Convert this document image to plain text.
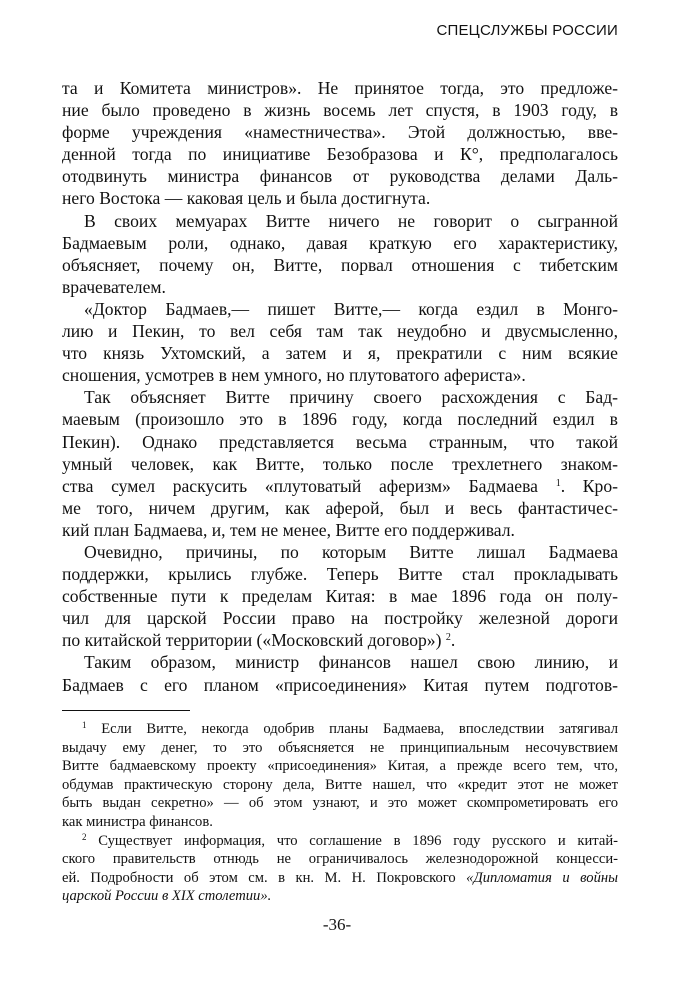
СПЕЦСЛУЖБЫ РОССИИ
та и Комитета министров». Не принятое тогда, это предложе-
ние было проведено в жизнь восемь лет спустя, в 1903 году, в
форме учреждения «наместничества». Этой должностью, вве-
денной тогда по инициативе Безобразова и К°, предполагалось
отодвинуть министра финансов от руководства делами Даль-
него Востока — каковая цель и была достигнута.
В своих мемуарах Витте ничего не говорит о сыгранной
Бадмаевым роли, однако, давая краткую его характеристику,
объясняет, почему он, Витте, порвал отношения с тибетским
врачевателем.
«Доктор Бадмаев,— пишет Витте,— когда ездил в Монго-
лию и Пекин, то вел себя там так неудобно и двусмысленно,
что князь Ухтомский, а затем и я, прекратили с ним всякие
сношения, усмотрев в нем умного, но плутоватого афериста».
Так объясняет Витте причину своего расхождения с Бад-
маевым (произошло это в 1896 году, когда последний ездил в
Пекин). Однако представляется весьма странным, что такой
умный человек, как Витте, только после трехлетнего знаком-
ства сумел раскусить «плутоватый аферизм» Бадмаева $^1$. Кро-
ме того, ничем другим, как аферой, был и весь фантастичес-
кий план Бадмаева, и, тем не менее, Витте его поддерживал.
Очевидно, причины, по которым Витте лишал Бадмаева
поддержки, крылись глубже. Теперь Витте стал прокладывать
собственные пути к пределам Китая: в мае 1896 года он полу-
чил для царской России право на постройку железной дороги
по китайской территории («Московский договор») $^2$.
Таким образом, министр финансов нашел свою линию, и
Бадмаев с его планом «присоединения» Китая путем подготов-
$^1$ Если Витте, некогда одобрив планы Бадмаева, впоследствии затягивал
выдачу ему денег, то это объясняется не принципиальным несочувствием
Витте бадмаевскому проекту «присоединения» Китая, а прежде всего тем, что,
обдумав практическую сторону дела, Витте нашел, что «кредит этот не может
быть выдан секретно» — об этом узнают, и это может скомпрометировать его
как министра финансов.
$^2$ Существует информация, что соглашение в 1896 году русского и китай-
ского правительств отнюдь не ограничивалось железнодорожной концесси-
ей. Подробности об этом см. в кн. М. Н. Покровского «Дипломатия и войны
царской России в XIX столетии».
-36-
